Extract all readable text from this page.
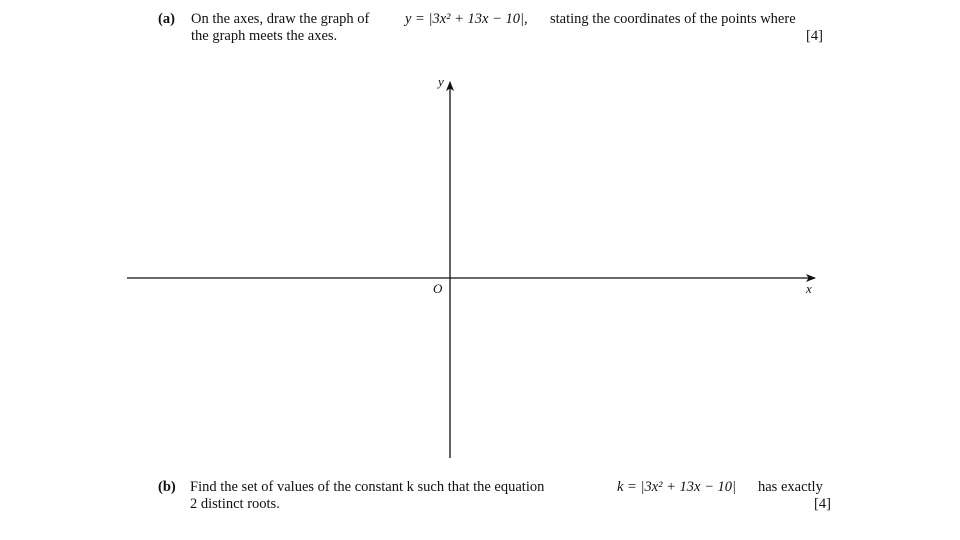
(a) On the axes, draw the graph of y = |3x² + 13x − 10|, stating the coordinates of the points where
the graph meets the axes.	[4]
y
x
O
(b) Find the set of values of the constant k such that the equation	k = |3x² + 13x − 10| has exactly
2 distinct roots.	[4]
